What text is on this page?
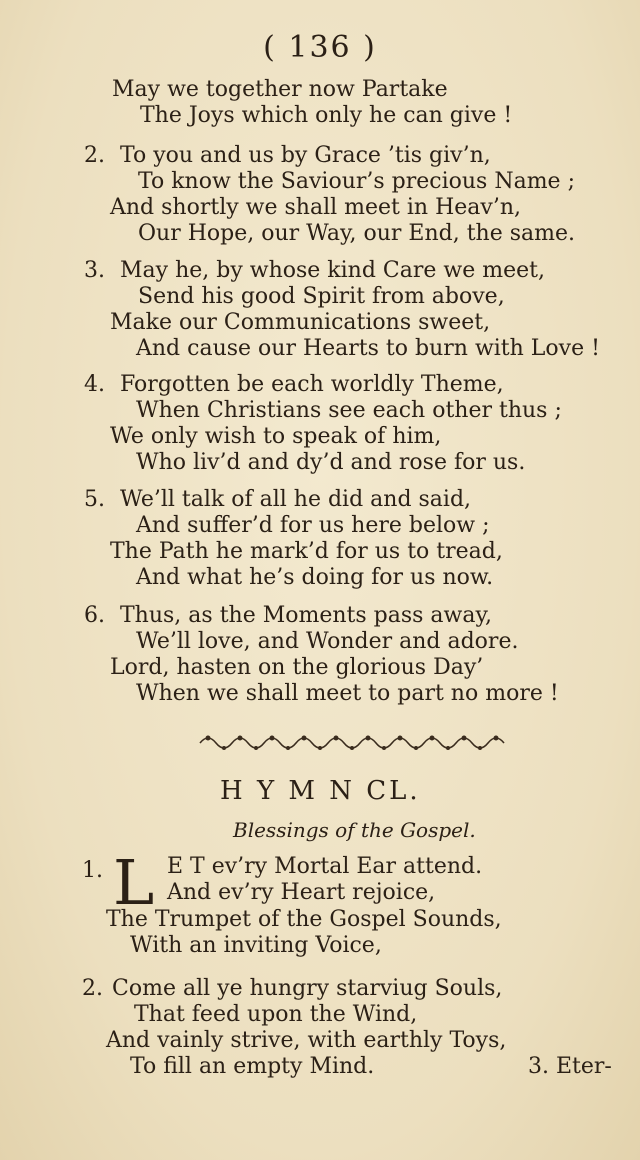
( 136 )
May we together now Partake
The Joys which only he can give !
2. To you and us by Grace ’tis giv’n,
To know the Saviour’s precious Name ;
And shortly we shall meet in Heav’n,
Our Hope, our Way, our End, the same.
3. May he, by whose kind Care we meet,
Send his good Spirit from above,
Make our Communications sweet,
And cause our Hearts to burn with Love !
4. Forgotten be each worldly Theme,
When Christians see each other thus ;
We only wish to speak of him,
Who liv’d and dy’d and rose for us.
5. We’ll talk of all he did and said,
And suffer’d for us here below ;
The Path he mark’d for us to tread,
And what he’s doing for us now.
6. Thus, as the Moments pass away,
We’ll love, and Wonder and adore.
Lord, hasten on the glorious Day’
When we shall meet to part no more !
H Y M N CL.
Blessings of the Gospel.
1. L E T ev’ry Mortal Ear attend.
And ev’ry Heart rejoice,
The Trumpet of the Gospel Sounds,
With an inviting Voice,
2. Come all ye hungry starviug Souls,
That feed upon the Wind,
And vainly strive, with earthly Toys,
To fill an empty Mind.	3. Eter-
